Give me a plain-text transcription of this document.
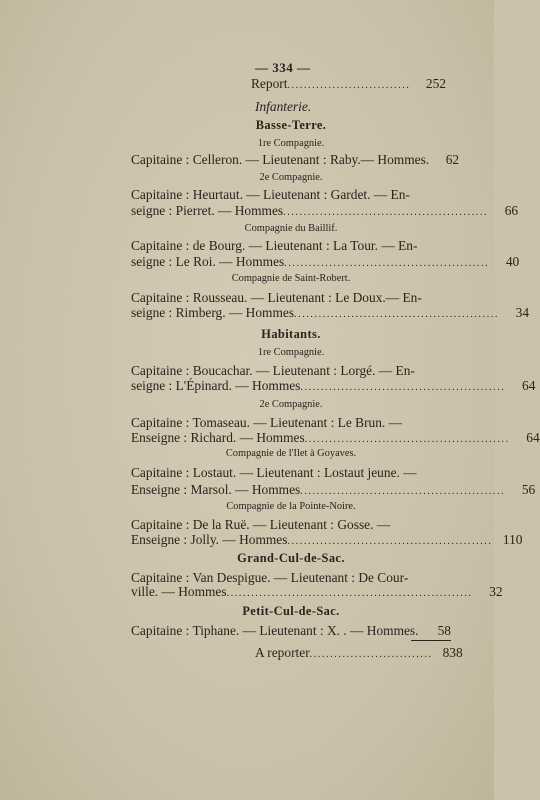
— 334 —
Report ..............................	252
Infanterie.
Basse-Terre.
1re Compagnie.
Capitaine : Celleron. — Lieutenant : Raby.— Hommes.	62
2e Compagnie.
Capitaine : Heurtaut. — Lieutenant : Gardet. — En-
seigne : Pierret. — Hommes ..................................................	66
Compagnie du Baillif.
Capitaine : de Bourg. — Lieutenant : La Tour. — En-
seigne : Le Roi. — Hommes ..................................................	40
Compagnie de Saint-Robert.
Capitaine : Rousseau. — Lieutenant : Le Doux.— En-
seigne : Rimberg. — Hommes ..................................................	34
Habitants.
1re Compagnie.
Capitaine : Boucachar. — Lieutenant : Lorgé. — En-
seigne : L'Épinard. — Hommes ..................................................	64
2e Compagnie.
Capitaine : Tomaseau. — Lieutenant : Le Brun. —
Enseigne : Richard. — Hommes ..................................................	64
Compagnie de l'Ilet à Goyaves.
Capitaine : Lostaut. — Lieutenant : Lostaut jeune. —
Enseigne : Marsol. — Hommes ..................................................	56
Compagnie de la Pointe-Noire.
Capitaine : De la Ruë. — Lieutenant : Gosse. —
Enseigne : Jolly. — Hommes .................................................. 110
Grand-Cul-de-Sac.
Capitaine : Van Despigue. — Lieutenant : De Cour-
ville. — Hommes ............................................................	32
Petit-Cul-de-Sac.
Capitaine : Tiphane. — Lieutenant : X. . — Hommes.	58
A reporter .............................. 838
